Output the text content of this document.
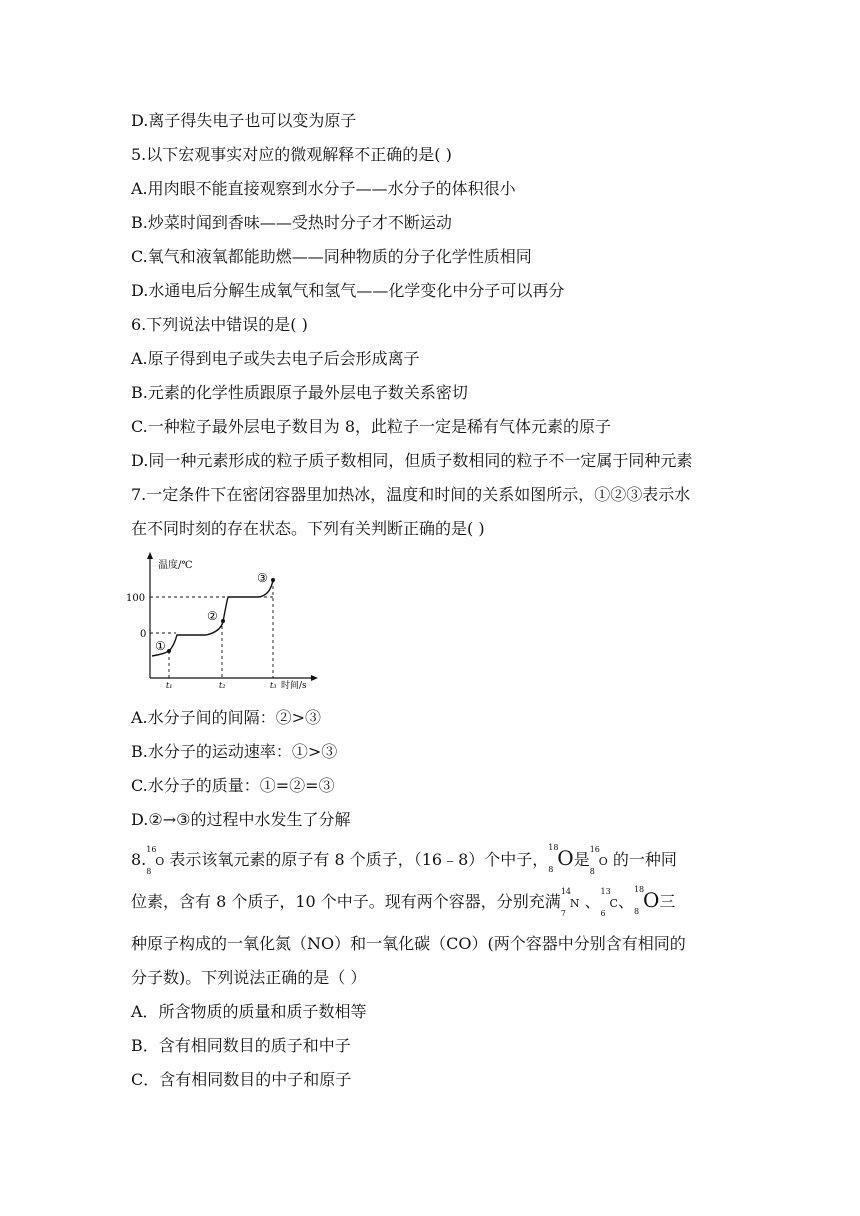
D.离子得失电子也可以变为原子
5.以下宏观事实对应的微观解释不正确的是( )
A.用肉眼不能直接观察到水分子——水分子的体积很小
B.炒菜时闻到香味——受热时分子才不断运动
C.氧气和液氧都能助燃——同种物质的分子化学性质相同
D.水通电后分解生成氧气和氢气——化学变化中分子可以再分
6.下列说法中错误的是( )
A.原子得到电子或失去电子后会形成离子
B.元素的化学性质跟原子最外层电子数关系密切
C.一种粒子最外层电子数目为 8，此粒子一定是稀有气体元素的原子
D.同一种元素形成的粒子质子数相同，但质子数相同的粒子不一定属于同种元素
7.一定条件下在密闭容器里加热冰，温度和时间的关系如图所示，①②③表示水
在不同时刻的存在状态。下列有关判断正确的是( )
温度/℃
100
0
t₁	t₂	t₃ 时间/s
①
②
③
A.水分子间的间隔：②>③
B.水分子的运动速率：①>③
C.水分子的质量：①=②=③
D.②→③的过程中水发生了分解
8.
16
8
O 表示该氧元素的原子有 8 个质子，（16﹣8）个中子，
18
8 O是
16
8
O 的一种同
位素，含有 8 个质子，10 个中子。现有两个容器，分别充满
14
7
N 、
13
6
C、
18
8 O三
种原子构成的一氧化氮（NO）和一氧化碳（CO）(两个容器中分别含有相同的
分子数)。下列说法正确的是（ ）
A．所含物质的质量和质子数相等
B．含有相同数目的质子和中子
C．含有相同数目的中子和原子
